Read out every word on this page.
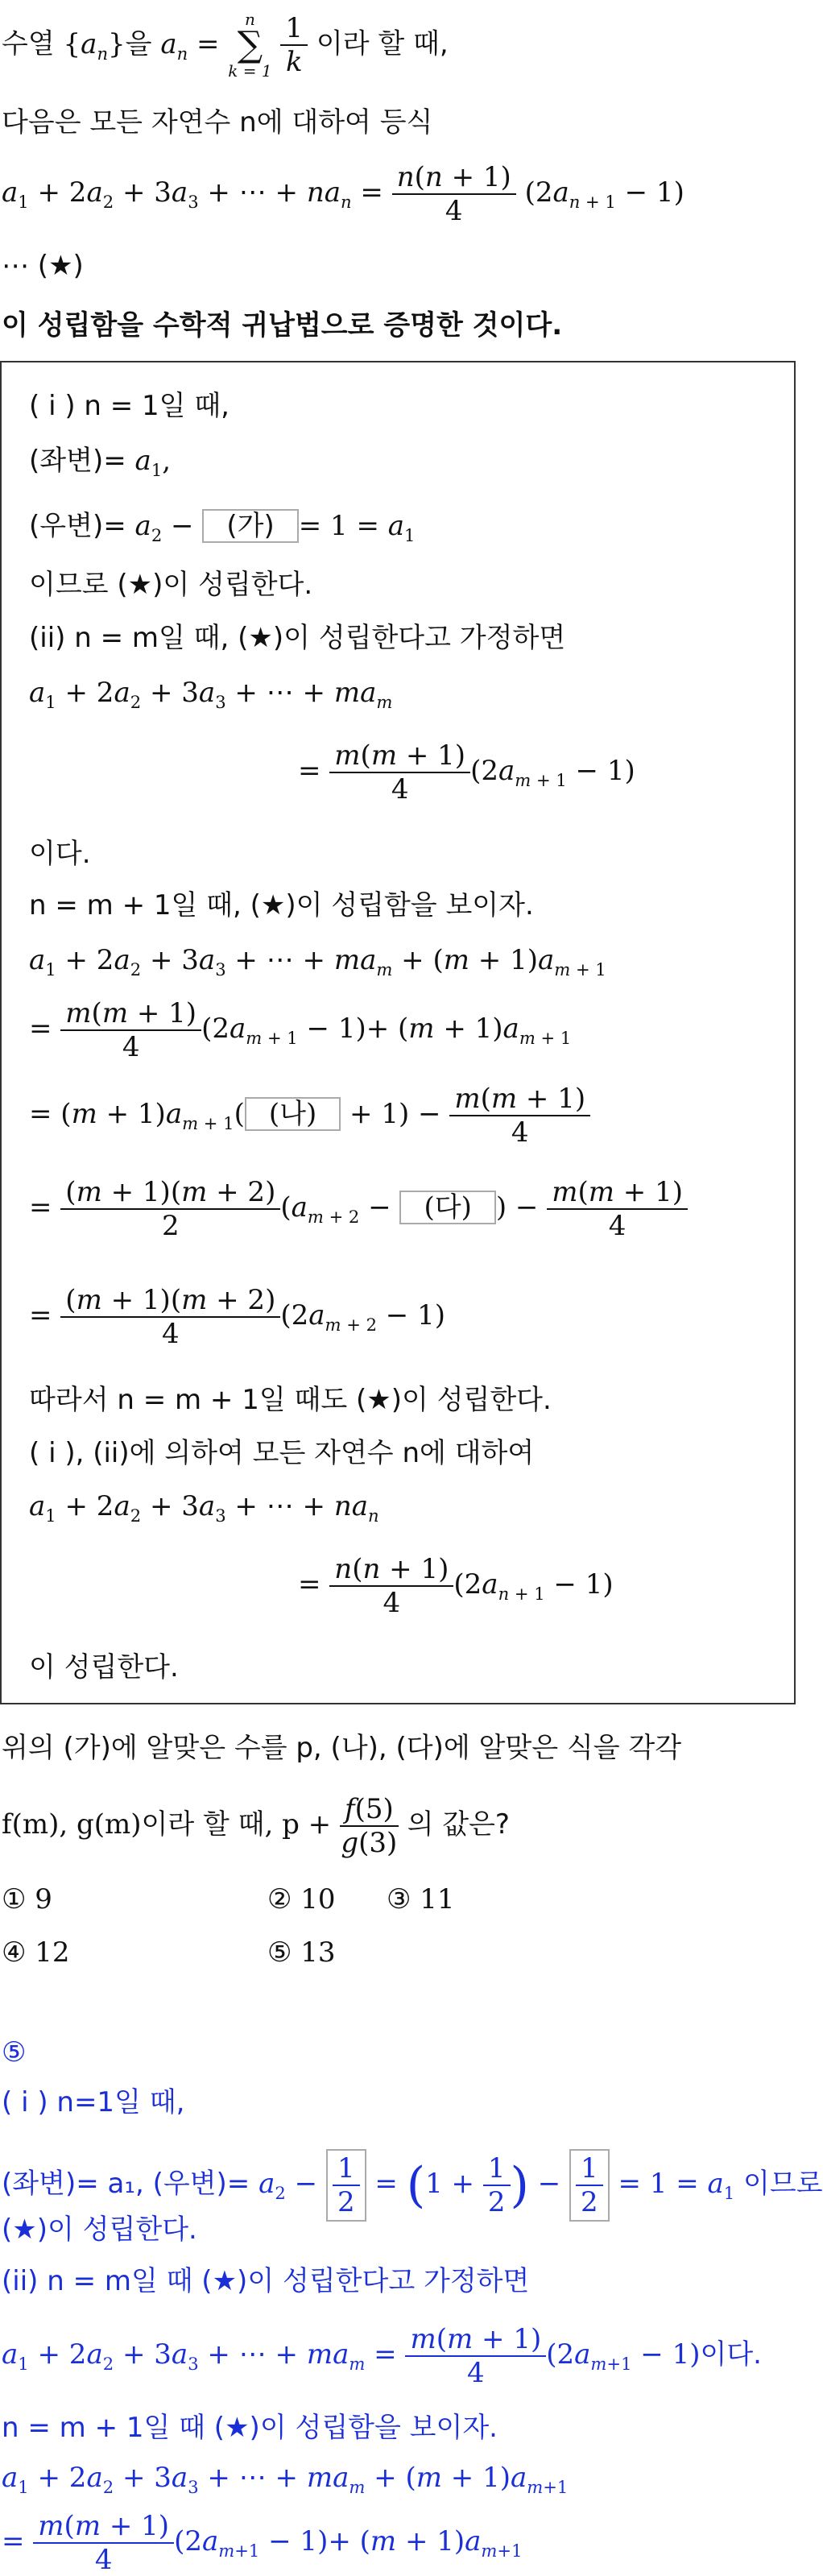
수열 $\{a_n\}$을 $a_n$ =
n
∑
k = 1
$\frac{1}{k}$ 이라 할 때,
다음은 모든 자연수 n에 대하여 등식
$a_1 + 2a_2 + 3a_3$ + ⋯ + $na_n = \frac{n(n + 1)}{4} (2a_{n + 1} - 1)$
⋯ (★)
이 성립함을 수학적 귀납법으로 증명한 것이다.
( i ) n = 1일 때,
(좌변)= $a_1$,
(우변)= $a_2$ − (가) = $1 = a_1$
이므로 (★)이 성립한다.
(ii) n = m일 때, (★)이 성립한다고 가정하면
$a_1 + 2a_2 + 3a_3$ + ⋯ + $ma_m$
= $\frac{m(m + 1)}{4} (2a_{m + 1} - 1)$
이다.
n = m + 1일 때, (★)이 성립함을 보이자.
$a_1 + 2a_2 + 3a_3$ + ⋯ + $ma_m + (m + 1)a_{m + 1}$
= $\frac{m(m + 1)}{4} (2a_{m + 1} - 1)+ (m + 1)a_{m + 1}$
= $(m + 1)a_{m + 1}$( (나) + $1) - \frac{m(m + 1)}{4}$
= $\frac{(m + 1)(m + 2)}{2} (a_{m + 2}$ − (다) ) − $\frac{m(m + 1)}{4}$
= $\frac{(m + 1)(m + 2)}{4} (2a_{m + 2} - 1)$
따라서 n = m + 1일 때도 (★)이 성립한다.
( i ), (ii)에 의하여 모든 자연수 n에 대하여
$a_1 + 2a_2 + 3a_3$ + ⋯ + $na_n$
= $\frac{n(n + 1)}{4} (2a_{n + 1} - 1)$
이 성립한다.
위의 (가)에 알맞은 수를 p, (나), (다)에 알맞은 식을 각각
f(m), g(m)이라 할 때, $p + \frac{f(5)}{g(3)}$ 의 값은?
① 9	② 10 ③ 11
④ 12	⑤ 13
⑤
( i ) n=1일 때,
(좌변)= a₁, (우변)= $a_2 - \frac{1}{2} = (1 + \frac{1}{2}$ ) − $\frac{1}{2} = 1 = a_1$ 이므로
(★)이 성립한다.
(ii) n = m일 때 (★)이 성립한다고 가정하면
$a_1 + 2a_2 + 3a_3$ + ⋯ + $ma_m = \frac{m(m + 1)}{4} (2a_{m+1} - 1)$이다.
n = m + 1일 때 (★)이 성립함을 보이자.
$a_1 + 2a_2 + 3a_3$ + ⋯ + $ma_m + (m + 1)a_{m+1}$
= $\frac{m(m + 1)}{4} (2a_{m+1} - 1)+ (m + 1)a_{m+1}$
